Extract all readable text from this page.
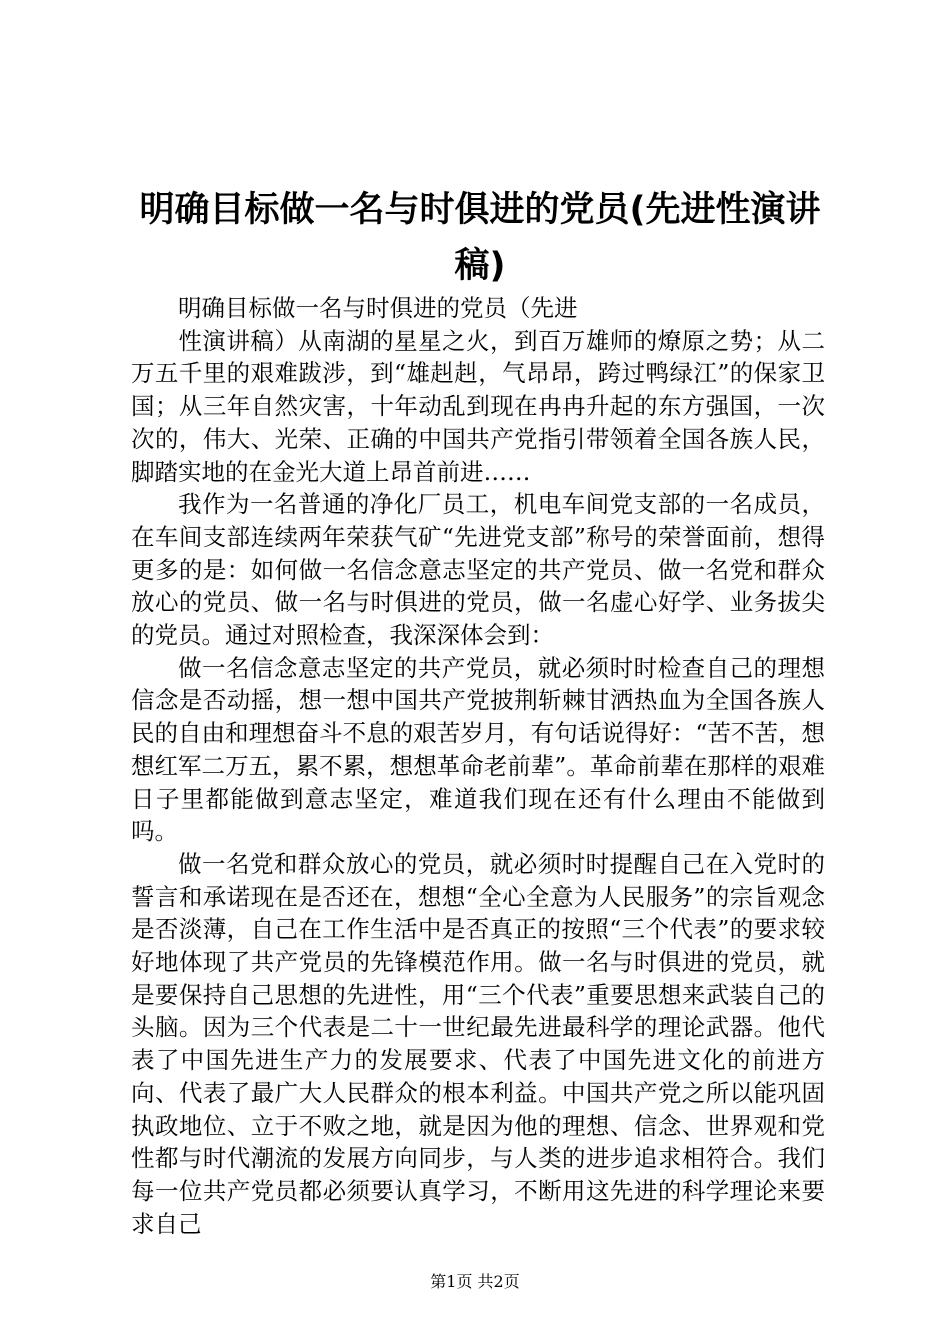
明确目标做一名与时俱进的党员(先进性演讲稿)

明确目标做一名与时俱进的党员（先进
性演讲稿）从南湖的星星之火，到百万雄师的燎原之势；从二万五千里的艰难跋涉，到“雄赳赳，气昂昂，跨过鸭绿江”的保家卫国；从三年自然灾害，十年动乱到现在冉冉升起的东方强国，一次次的，伟大、光荣、正确的中国共产党指引带领着全国各族人民，脚踏实地的在金光大道上昂首前进……

我作为一名普通的净化厂员工，机电车间党支部的一名成员，在车间支部连续两年荣获气矿“先进党支部”称号的荣誉面前，想得更多的是：如何做一名信念意志坚定的共产党员、做一名党和群众放心的党员、做一名与时俱进的党员，做一名虚心好学、业务拔尖的党员。通过对照检查，我深深体会到：

做一名信念意志坚定的共产党员，就必须时时检查自己的理想信念是否动摇，想一想中国共产党披荆斩棘甘洒热血为全国各族人民的自由和理想奋斗不息的艰苦岁月，有句话说得好：“苦不苦，想想红军二万五，累不累，想想革命老前辈”。革命前辈在那样的艰难日子里都能做到意志坚定，难道我们现在还有什么理由不能做到吗。

做一名党和群众放心的党员，就必须时时提醒自己在入党时的誓言和承诺现在是否还在，想想“全心全意为人民服务”的宗旨观念是否淡薄，自己在工作生活中是否真正的按照“三个代表”的要求较好地体现了共产党员的先锋模范作用。做一名与时俱进的党员，就是要保持自己思想的先进性，用“三个代表”重要思想来武装自己的头脑。因为三个代表是二十一世纪最先进最科学的理论武器。他代表了中国先进生产力的发展要求、代表了中国先进文化的前进方向、代表了最广大人民群众的根本利益。中国共产党之所以能巩固执政地位、立于不败之地，就是因为他的理想、信念、世界观和党性都与时代潮流的发展方向同步，与人类的进步追求相符合。我们每一位共产党员都必须要认真学习，不断用这先进的科学理论来要求自己

第1页 共2页
